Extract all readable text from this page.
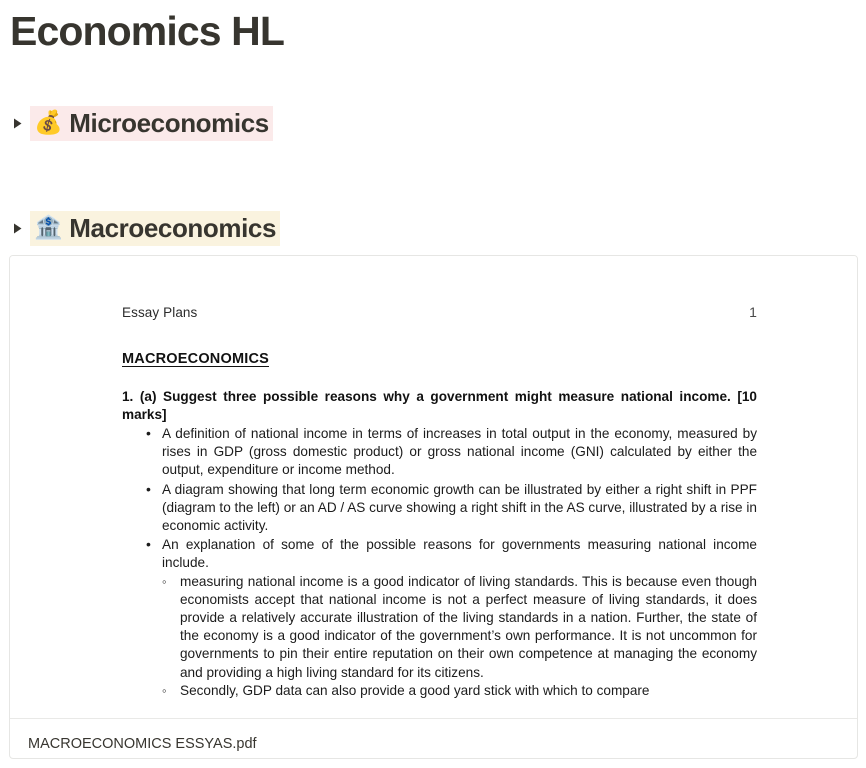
Economics HL
💰 Microeconomics
🏦 Macroeconomics
Essay Plans	1
MACROECONOMICS
1. (a) Suggest three possible reasons why a government might measure national income. [10 marks]
• A definition of national income in terms of increases in total output in the economy, measured by rises in GDP (gross domestic product) or gross national income (GNI) calculated by either the output, expenditure or income method.
• A diagram showing that long term economic growth can be illustrated by either a right shift in PPF (diagram to the left) or an AD / AS curve showing a right shift in the AS curve, illustrated by a rise in economic activity.
• An explanation of some of the possible reasons for governments measuring national income include.
◦ measuring national income is a good indicator of living standards. This is because even though economists accept that national income is not a perfect measure of living standards, it does provide a relatively accurate illustration of the living standards in a nation. Further, the state of the economy is a good indicator of the government’s own performance. It is not uncommon for governments to pin their entire reputation on their own competence at managing the economy and providing a high living standard for its citizens.
◦ Secondly, GDP data can also provide a good yard stick with which to compare
MACROECONOMICS ESSYAS.pdf
